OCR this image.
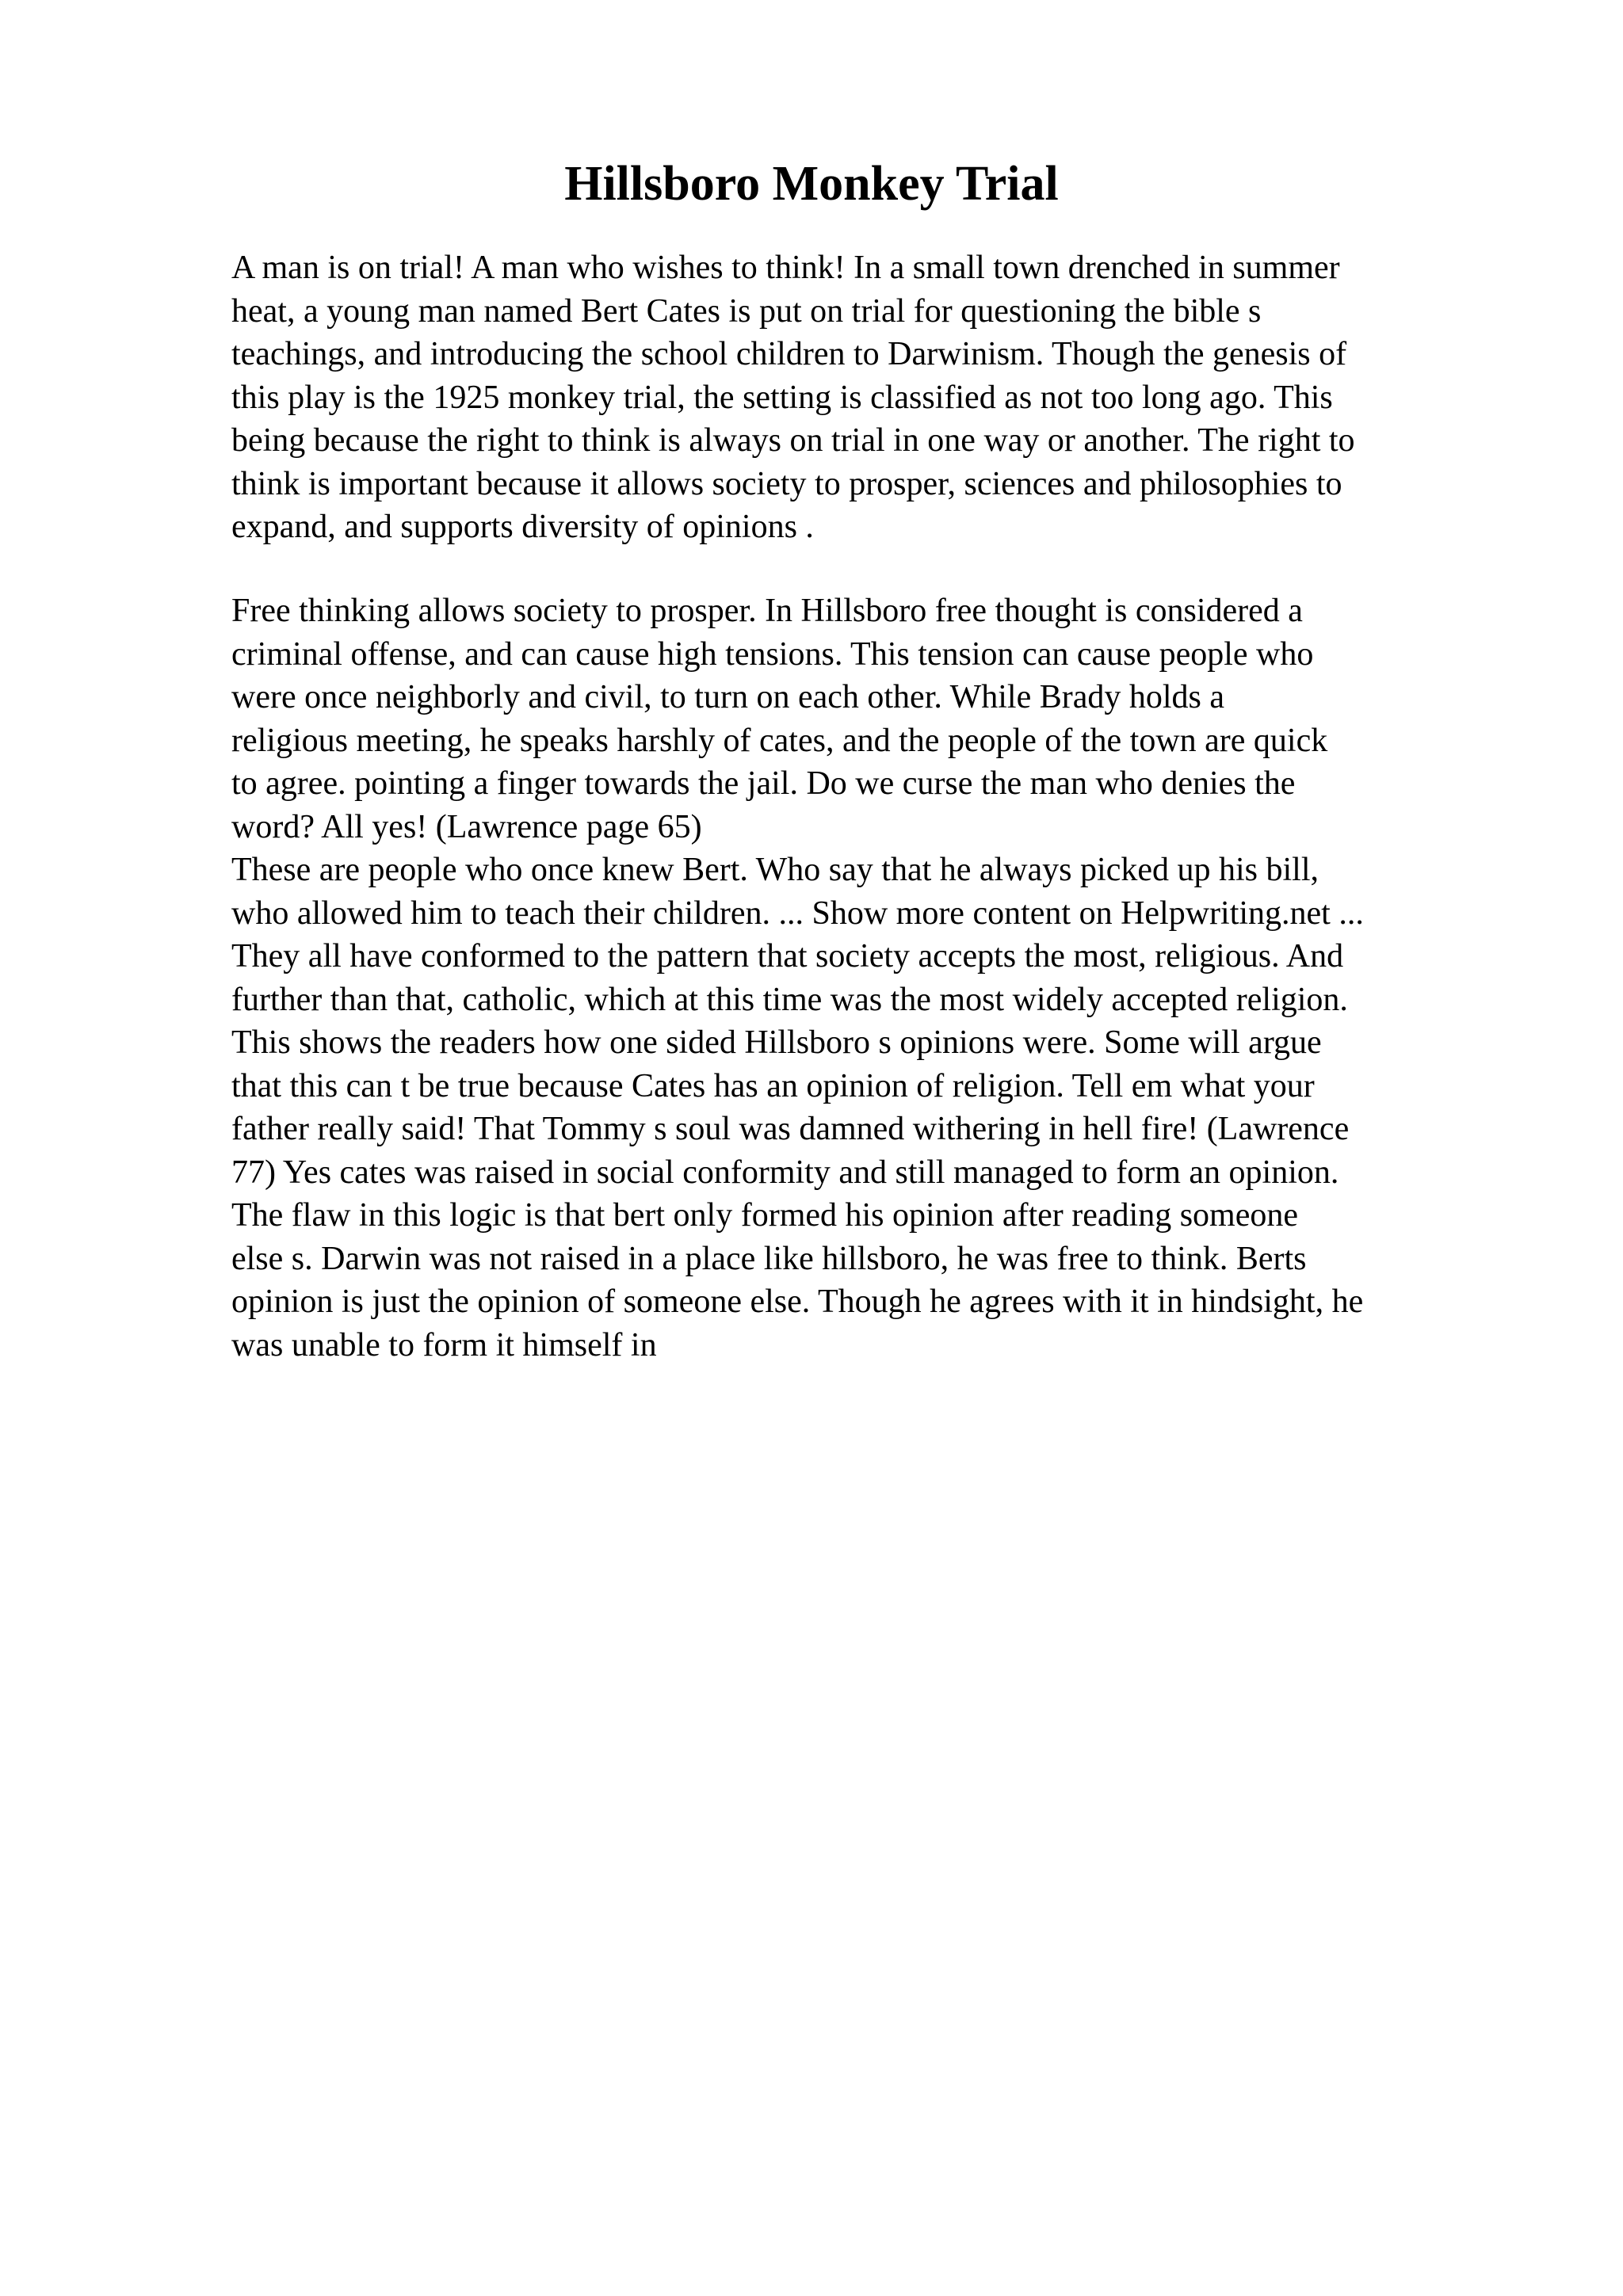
Hillsboro Monkey Trial
A man is on trial! A man who wishes to think! In a small town drenched in summer
heat, a young man named Bert Cates is put on trial for questioning the bible s
teachings, and introducing the school children to Darwinism. Though the genesis of
this play is the 1925 monkey trial, the setting is classified as not too long ago. This
being because the right to think is always on trial in one way or another. The right to
think is important because it allows society to prosper, sciences and philosophies to
expand, and supports diversity of opinions .
Free thinking allows society to prosper. In Hillsboro free thought is considered a
criminal offense, and can cause high tensions. This tension can cause people who
were once neighborly and civil, to turn on each other. While Brady holds a
religious meeting, he speaks harshly of cates, and the people of the town are quick
to agree. pointing a finger towards the jail. Do we curse the man who denies the
word? All yes! (Lawrence page 65)
These are people who once knew Bert. Who say that he always picked up his bill,
who allowed him to teach their children. ... Show more content on Helpwriting.net ...
They all have conformed to the pattern that society accepts the most, religious. And
further than that, catholic, which at this time was the most widely accepted religion.
This shows the readers how one sided Hillsboro s opinions were. Some will argue
that this can t be true because Cates has an opinion of religion. Tell em what your
father really said! That Tommy s soul was damned withering in hell fire! (Lawrence
77) Yes cates was raised in social conformity and still managed to form an opinion.
The flaw in this logic is that bert only formed his opinion after reading someone
else s. Darwin was not raised in a place like hillsboro, he was free to think. Berts
opinion is just the opinion of someone else. Though he agrees with it in hindsight, he
was unable to form it himself in
